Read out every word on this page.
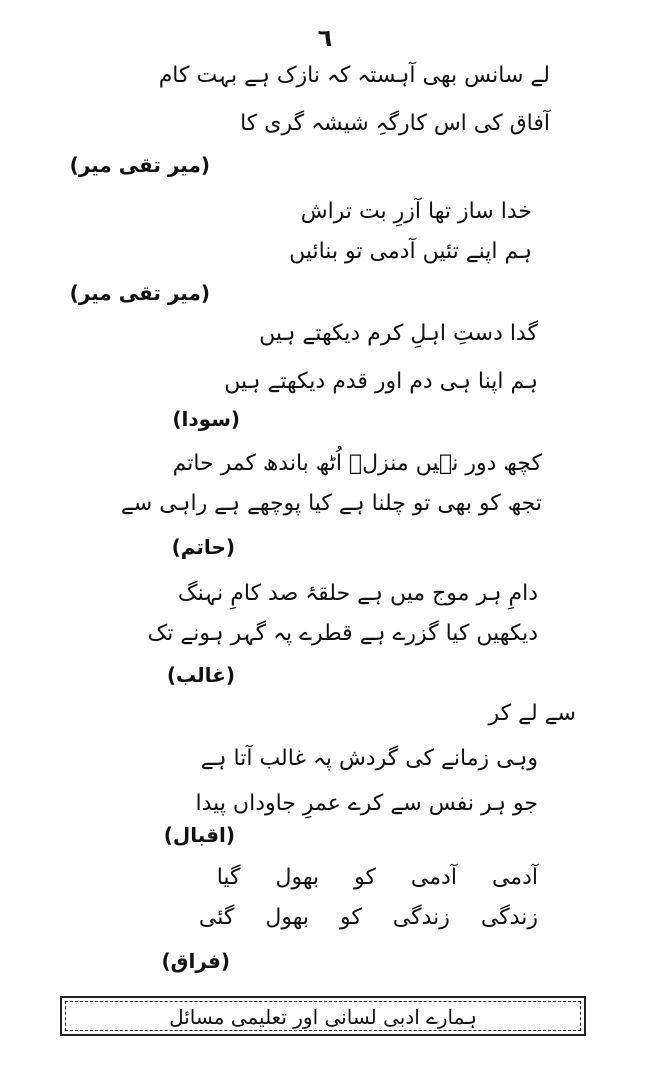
٦
لے سانس بھی آہستہ کہ نازک ہے بہت کام
آفاق کی اس کارگہِ شیشہ گری کا
(میر تقی میر)
خدا ساز تھا آزرِ بت تراش
ہم اپنے تئیں آدمی تو بنائیں
(میر تقی میر)
گدا دستِ اہلِ کرم دیکھتے ہیں
ہم اپنا ہی دم اور قدم دیکھتے ہیں
(سودا)
کچھ دور نہیں منزلؔ اُٹھ باندھ کمر حاتم
تجھ کو بھی تو چلنا ہے کیا پوچھے ہے راہی سے
(حاتم)
دامِ ہر موج میں ہے حلقۂ صد کامِ نہنگ
دیکھیں کیا گزرے ہے قطرے پہ گہر ہونے تک
(غالب)
سے لے کر
وہی زمانے کی گردش پہ غالب آتا ہے
جو ہر نفس سے کرے عمرِ جاوداں پیدا
(اقبال)
آدمی آدمی کو بھول گیا
زندگی زندگی کو بھول گئی
(فراق)
ہمارے ادبی لسانی اور تعلیمی مسائل
